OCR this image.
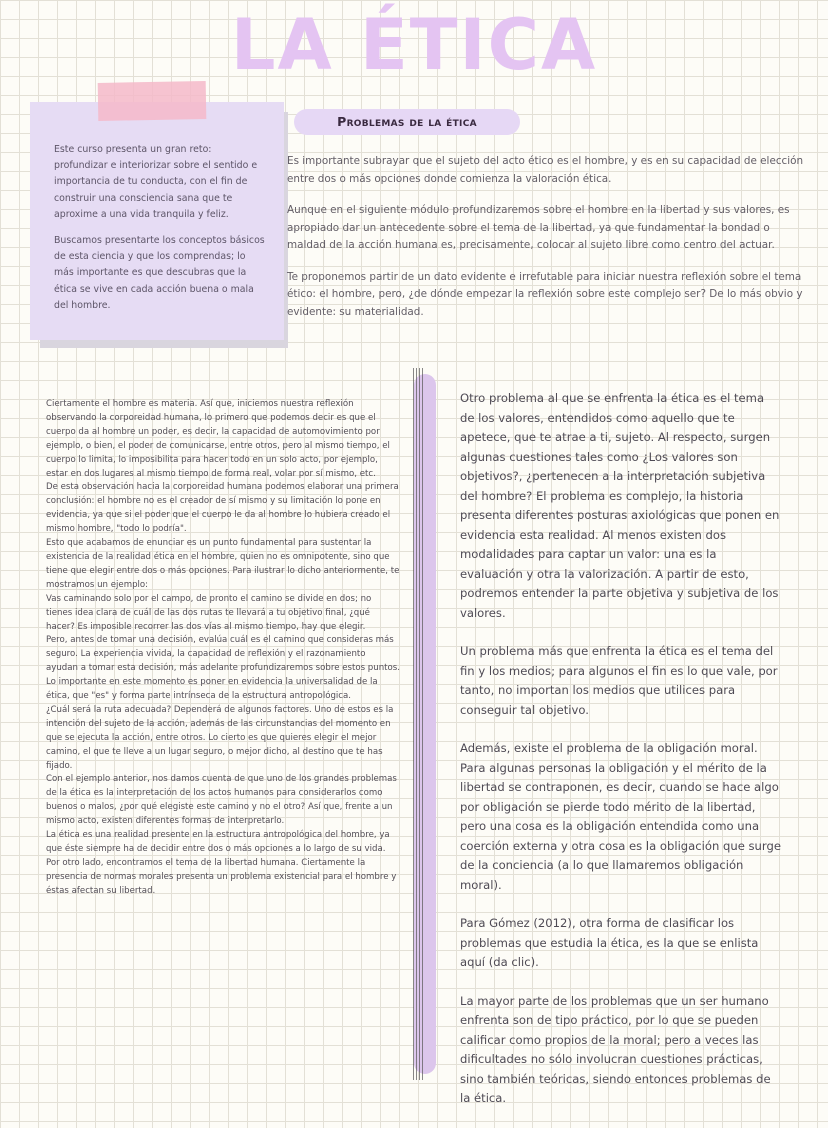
LA ÉTICA

Este curso presenta un gran reto: profundizar e interiorizar sobre el sentido e importancia de tu conducta, con el fin de construir una consciencia sana que te aproxime a una vida tranquila y feliz.

Buscamos presentarte los conceptos básicos de esta ciencia y que los comprendas; lo más importante es que descubras que la ética se vive en cada acción buena o mala del hombre.

Problemas de la ética

Es importante subrayar que el sujeto del acto ético es el hombre, y es en su capacidad de elección entre dos o más opciones donde comienza la valoración ética.

Aunque en el siguiente módulo profundizaremos sobre el hombre en la libertad y sus valores, es apropiado dar un antecedente sobre el tema de la libertad, ya que fundamentar la bondad o maldad de la acción humana es, precisamente, colocar al sujeto libre como centro del actuar.

Te proponemos partir de un dato evidente e irrefutable para iniciar nuestra reflexión sobre el tema ético: el hombre, pero, ¿de dónde empezar la reflexión sobre este complejo ser? De lo más obvio y evidente: su materialidad.

Ciertamente el hombre es materia. Así que, iniciemos nuestra reflexión observando la corporeidad humana, lo primero que podemos decir es que el cuerpo da al hombre un poder, es decir, la capacidad de automovimiento por ejemplo, o bien, el poder de comunicarse, entre otros, pero al mismo tiempo, el cuerpo lo limita, lo imposibilita para hacer todo en un solo acto, por ejemplo, estar en dos lugares al mismo tiempo de forma real, volar por sí mismo, etc.

De esta observación hacia la corporeidad humana podemos elaborar una primera conclusión: el hombre no es el creador de sí mismo y su limitación lo pone en evidencia, ya que si el poder que el cuerpo le da al hombre lo hubiera creado el mismo hombre, "todo lo podría".

Esto que acabamos de enunciar es un punto fundamental para sustentar la existencia de la realidad ética en el hombre, quien no es omnipotente, sino que tiene que elegir entre dos o más opciones. Para ilustrar lo dicho anteriormente, te mostramos un ejemplo:

Vas caminando solo por el campo, de pronto el camino se divide en dos; no tienes idea clara de cuál de las dos rutas te llevará a tu objetivo final, ¿qué hacer? Es imposible recorrer las dos vías al mismo tiempo, hay que elegir.

Pero, antes de tomar una decisión, evalúa cuál es el camino que consideras más seguro. La experiencia vivida, la capacidad de reflexión y el razonamiento ayudan a tomar esta decisión, más adelante profundizaremos sobre estos puntos. Lo importante en este momento es poner en evidencia la universalidad de la ética, que "es" y forma parte intrínseca de la estructura antropológica.

¿Cuál será la ruta adecuada? Dependerá de algunos factores. Uno de estos es la intención del sujeto de la acción, además de las circunstancias del momento en que se ejecuta la acción, entre otros. Lo cierto es que quieres elegir el mejor camino, el que te lleve a un lugar seguro, o mejor dicho, al destino que te has fijado.

Con el ejemplo anterior, nos damos cuenta de que uno de los grandes problemas de la ética es la interpretación de los actos humanos para considerarlos como buenos o malos, ¿por qué elegiste este camino y no el otro? Así que, frente a un mismo acto, existen diferentes formas de interpretarlo.

La ética es una realidad presente en la estructura antropológica del hombre, ya que éste siempre ha de decidir entre dos o más opciones a lo largo de su vida.

Por otro lado, encontramos el tema de la libertad humana. Ciertamente la presencia de normas morales presenta un problema existencial para el hombre y éstas afectan su libertad.

Otro problema al que se enfrenta la ética es el tema de los valores, entendidos como aquello que te apetece, que te atrae a ti, sujeto. Al respecto, surgen algunas cuestiones tales como ¿Los valores son objetivos?, ¿pertenecen a la interpretación subjetiva del hombre? El problema es complejo, la historia presenta diferentes posturas axiológicas que ponen en evidencia esta realidad. Al menos existen dos modalidades para captar un valor: una es la evaluación y otra la valorización. A partir de esto, podremos entender la parte objetiva y subjetiva de los valores.

Un problema más que enfrenta la ética es el tema del fin y los medios; para algunos el fin es lo que vale, por tanto, no importan los medios que utilices para conseguir tal objetivo.

Además, existe el problema de la obligación moral. Para algunas personas la obligación y el mérito de la libertad se contraponen, es decir, cuando se hace algo por obligación se pierde todo mérito de la libertad, pero una cosa es la obligación entendida como una coerción externa y otra cosa es la obligación que surge de la conciencia (a lo que llamaremos obligación moral).

Para Gómez (2012), otra forma de clasificar los problemas que estudia la ética, es la que se enlista aquí (da clic).

La mayor parte de los problemas que un ser humano enfrenta son de tipo práctico, por lo que se pueden calificar como propios de la moral; pero a veces las dificultades no sólo involucran cuestiones prácticas, sino también teóricas, siendo entonces problemas de la ética.
